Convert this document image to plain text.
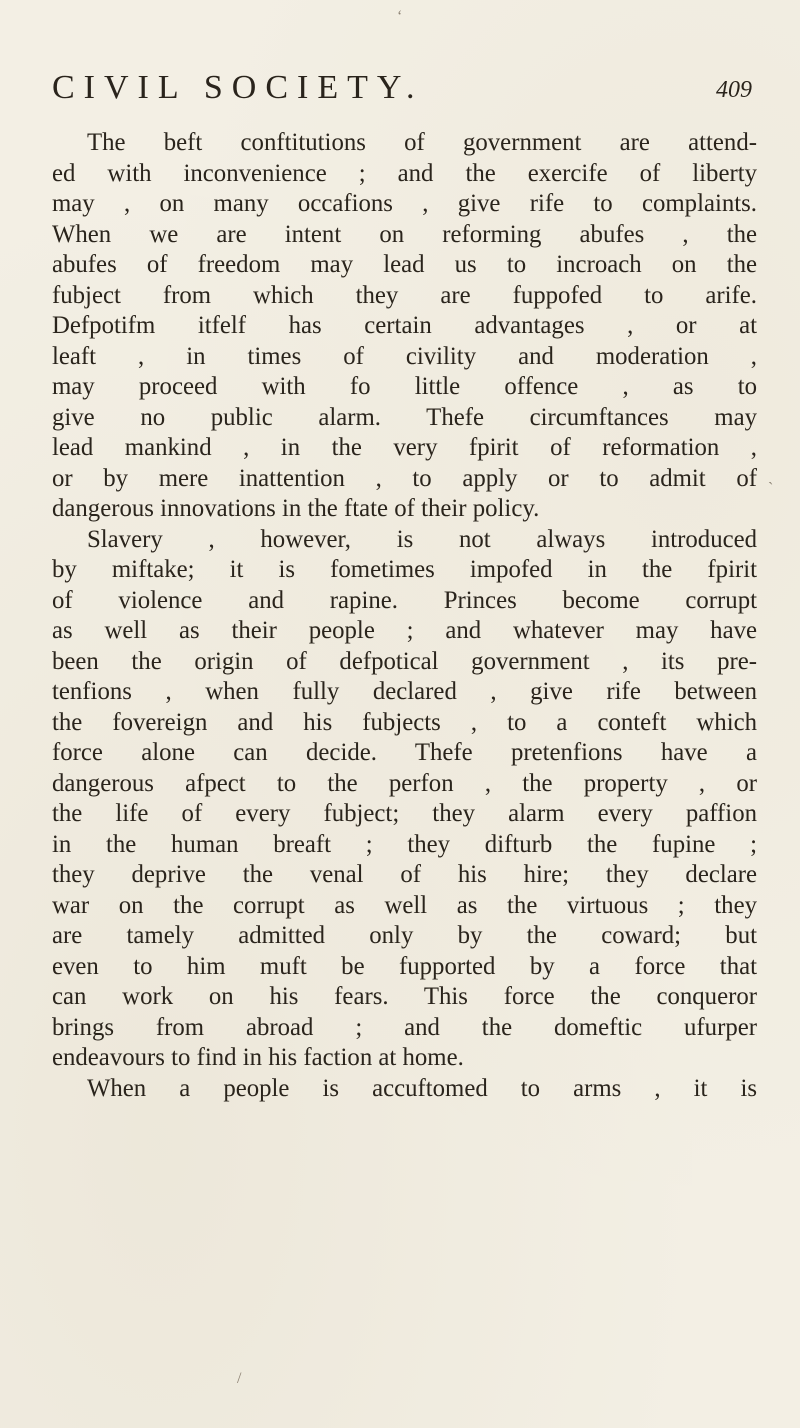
CIVIL SOCIETY.	409
The beft conftitutions of government are attend-
ed with inconvenience ; and the exercife of liberty
may , on many occafions , give rife to complaints.
When we are intent on reforming abufes , the
abufes of freedom may lead us to incroach on the
fubject from which they are fuppofed to arife.
Defpotifm itfelf has certain advantages , or at
leaft , in times of civility and moderation ,
may proceed with fo little offence , as to
give no public alarm. Thefe circumftances may
lead mankind , in the very fpirit of reformation ,
or by mere inattention , to apply or to admit of
dangerous innovations in the ftate of their policy.
Slavery , however, is not always introduced
by miftake; it is fometimes impofed in the fpirit
of violence and rapine. Princes become corrupt
as well as their people ; and whatever may have
been the origin of defpotical government , its pre-
tenfions , when fully declared , give rife between
the fovereign and his fubjects , to a conteft which
force alone can decide. Thefe pretenfions have a
dangerous afpect to the perfon , the property , or
the life of every fubject; they alarm every paffion
in the human breaft ; they difturb the fupine ;
they deprive the venal of his hire; they declare
war on the corrupt as well as the virtuous ; they
are tamely admitted only by the coward; but
even to him muft be fupported by a force that
can work on his fears. This force the conqueror
brings from abroad ; and the domeftic ufurper
endeavours to find in his faction at home.
When a people is accuftomed to arms , it is
‘
ˎ
/
